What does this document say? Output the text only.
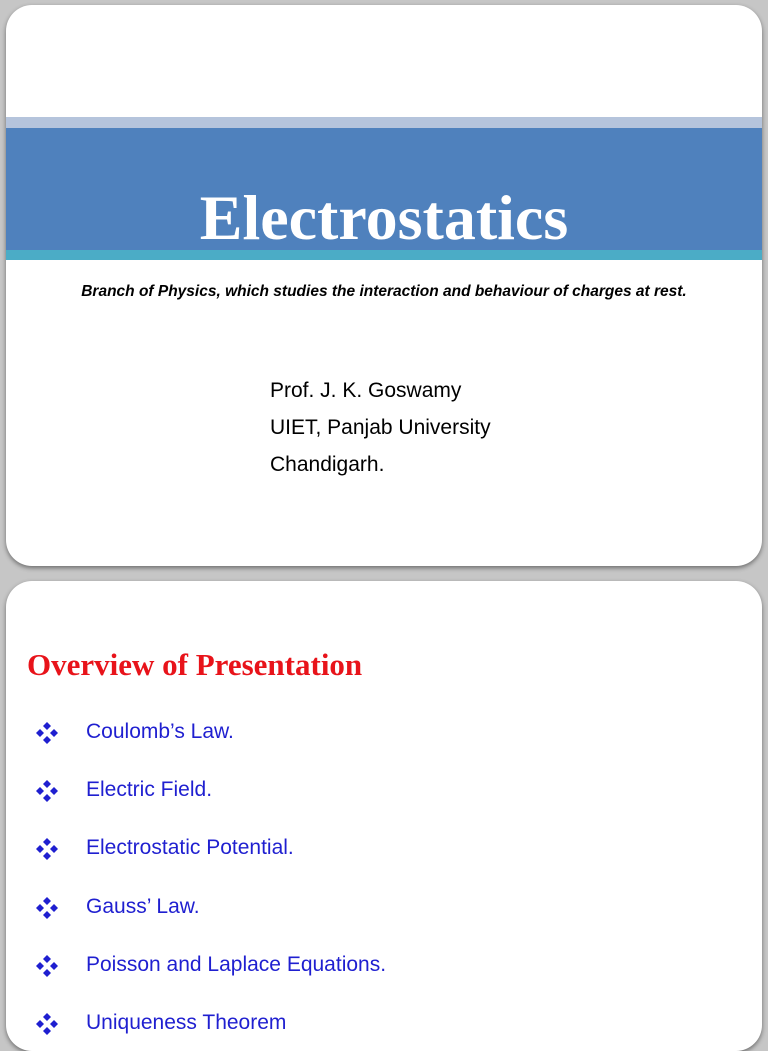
Electrostatics

Branch of Physics, which studies the interaction and behaviour of charges at rest.

Prof. J. K. Goswamy
UIET, Panjab University
Chandigarh.
Overview of Presentation
Coulomb’s Law.
Electric Field.
Electrostatic Potential.
Gauss’ Law.
Poisson and Laplace Equations.
Uniqueness Theorem
